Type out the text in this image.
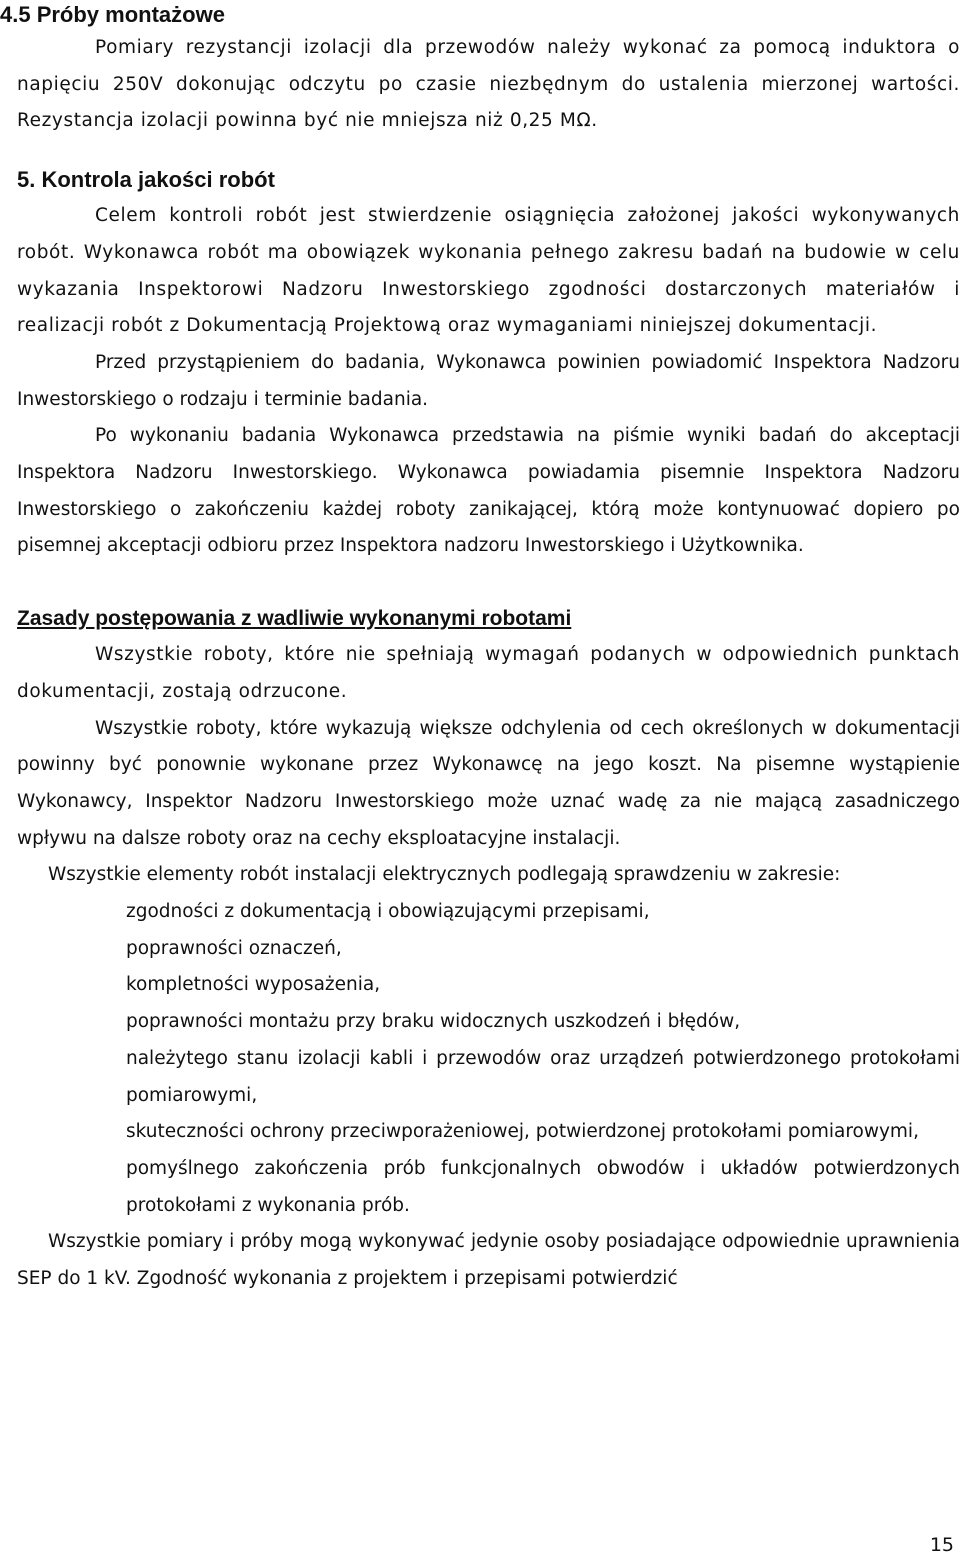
4.5 Próby montażowe

Pomiary rezystancji izolacji dla przewodów należy wykonać za pomocą induktora o napięciu 250V dokonując odczytu po czasie niezbędnym do ustalenia mierzonej wartości. Rezystancja izolacji powinna być nie mniejsza niż 0,25 MΩ.

5. Kontrola jakości robót

Celem kontroli robót jest stwierdzenie osiągnięcia założonej jakości wykonywanych robót. Wykonawca robót ma obowiązek wykonania pełnego zakresu badań na budowie w celu wykazania Inspektorowi Nadzoru Inwestorskiego zgodności dostarczonych materiałów i realizacji robót z Dokumentacją Projektową oraz wymaganiami niniejszej dokumentacji.

Przed przystąpieniem do badania, Wykonawca powinien powiadomić Inspektora Nadzoru Inwestorskiego o rodzaju i terminie badania.

Po wykonaniu badania Wykonawca przedstawia na piśmie wyniki badań do akceptacji Inspektora Nadzoru Inwestorskiego. Wykonawca powiadamia pisemnie Inspektora Nadzoru Inwestorskiego o zakończeniu każdej roboty zanikającej, którą może kontynuować dopiero po pisemnej akceptacji odbioru przez Inspektora nadzoru Inwestorskiego i Użytkownika.

Zasady postępowania z wadliwie wykonanymi robotami

Wszystkie roboty, które nie spełniają wymagań podanych w odpowiednich punktach dokumentacji, zostają odrzucone.

Wszystkie roboty, które wykazują większe odchylenia od cech określonych w dokumentacji powinny być ponownie wykonane przez Wykonawcę na jego koszt. Na pisemne wystąpienie Wykonawcy, Inspektor Nadzoru Inwestorskiego może uznać wadę za nie mającą zasadniczego wpływu na dalsze roboty oraz na cechy eksploatacyjne instalacji.

Wszystkie elementy robót instalacji elektrycznych podlegają sprawdzeniu w zakresie:

zgodności z dokumentacją i obowiązującymi przepisami,
poprawności oznaczeń,
kompletności wyposażenia,
poprawności montażu przy braku widocznych uszkodzeń i błędów,
należytego stanu izolacji kabli i przewodów oraz urządzeń potwierdzonego protokołami pomiarowymi,
skuteczności ochrony przeciwporażeniowej, potwierdzonej protokołami pomiarowymi,
pomyślnego zakończenia prób funkcjonalnych obwodów i układów potwierdzonych protokołami z wykonania prób.

Wszystkie pomiary i próby mogą wykonywać jedynie osoby posiadające odpowiednie uprawnienia SEP do 1 kV. Zgodność wykonania z projektem i przepisami potwierdzić

15
